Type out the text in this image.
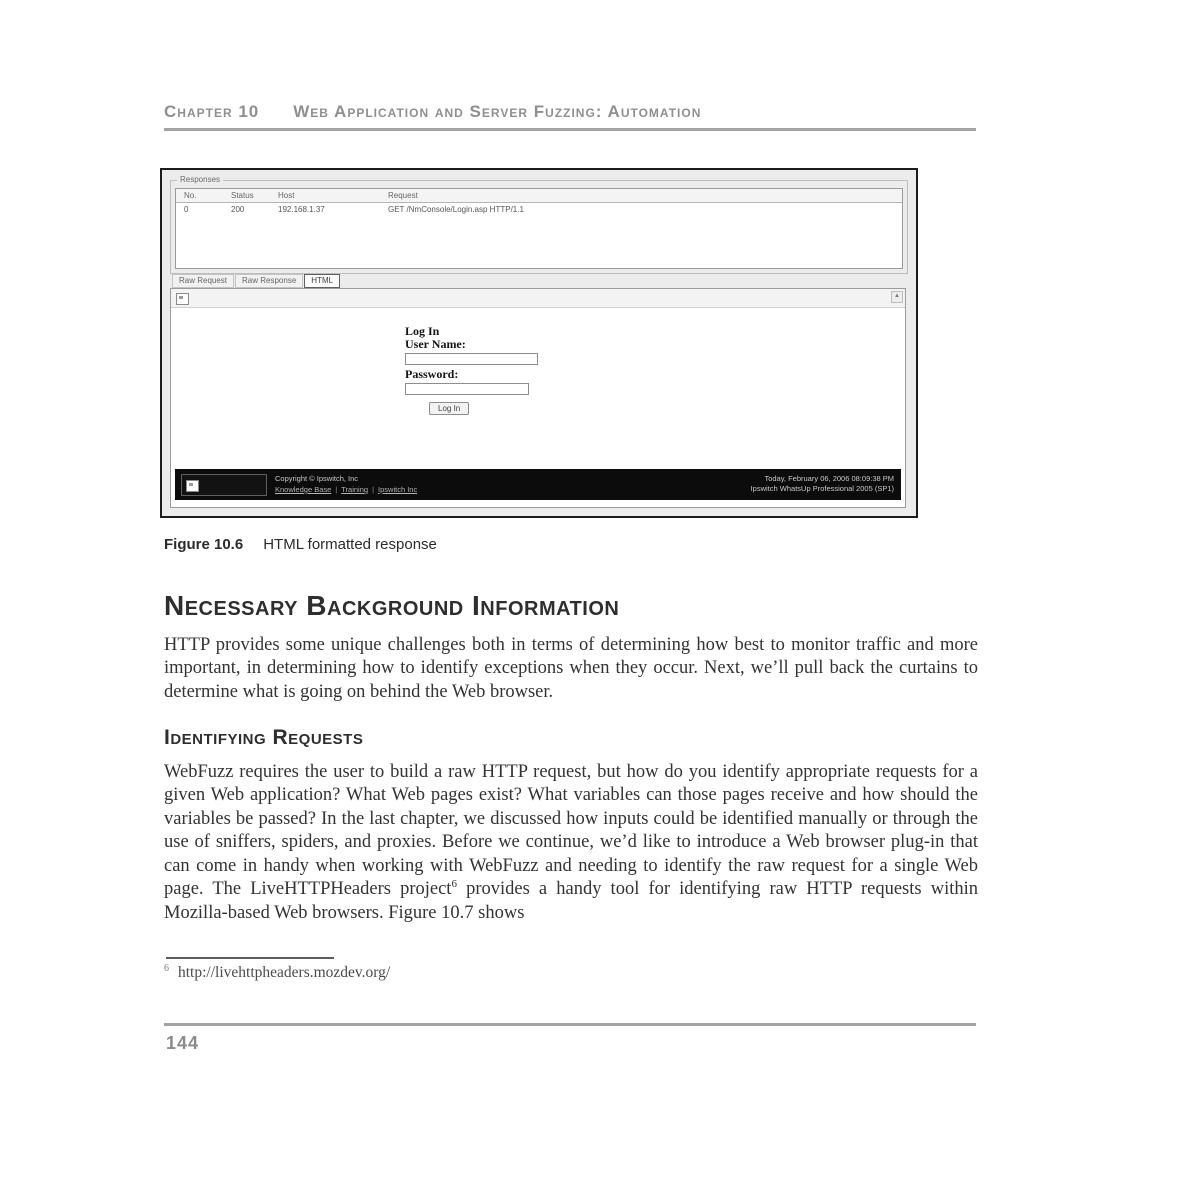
Chapter 10 Web Application and Server Fuzzing: Automation
Responses
No.	Status	Host	Request
0	200	192.168.1.37	GET /NmConsole/Login.asp HTTP/1.1
Raw Request Raw Response HTML
▲
Log In
User Name:
Password:
Log In
Copyright © Ipswitch, Inc
Knowledge Base | Training | Ipswitch Inc
Today, February 06, 2006 08:09:38 PM
Ipswitch WhatsUp Professional 2005 (SP1)
Figure 10.6 HTML formatted response
Necessary Background Information
HTTP provides some unique challenges both in terms of determining how best to monitor traffic and more important, in determining how to identify exceptions when they occur. Next, we’ll pull back the curtains to determine what is going on behind the Web browser.
Identifying Requests
WebFuzz requires the user to build a raw HTTP request, but how do you identify appropriate requests for a given Web application? What Web pages exist? What variables can those pages receive and how should the variables be passed? In the last chapter, we discussed how inputs could be identified manually or through the use of sniffers, spiders, and proxies. Before we continue, we’d like to introduce a Web browser plug-in that can come in handy when working with WebFuzz and needing to identify the raw request for a single Web page. The LiveHTTPHeaders project$^6$ provides a handy tool for identifying raw HTTP requests within Mozilla-based Web browsers. Figure 10.7 shows
$^6$ http://livehttpheaders.mozdev.org/
144
